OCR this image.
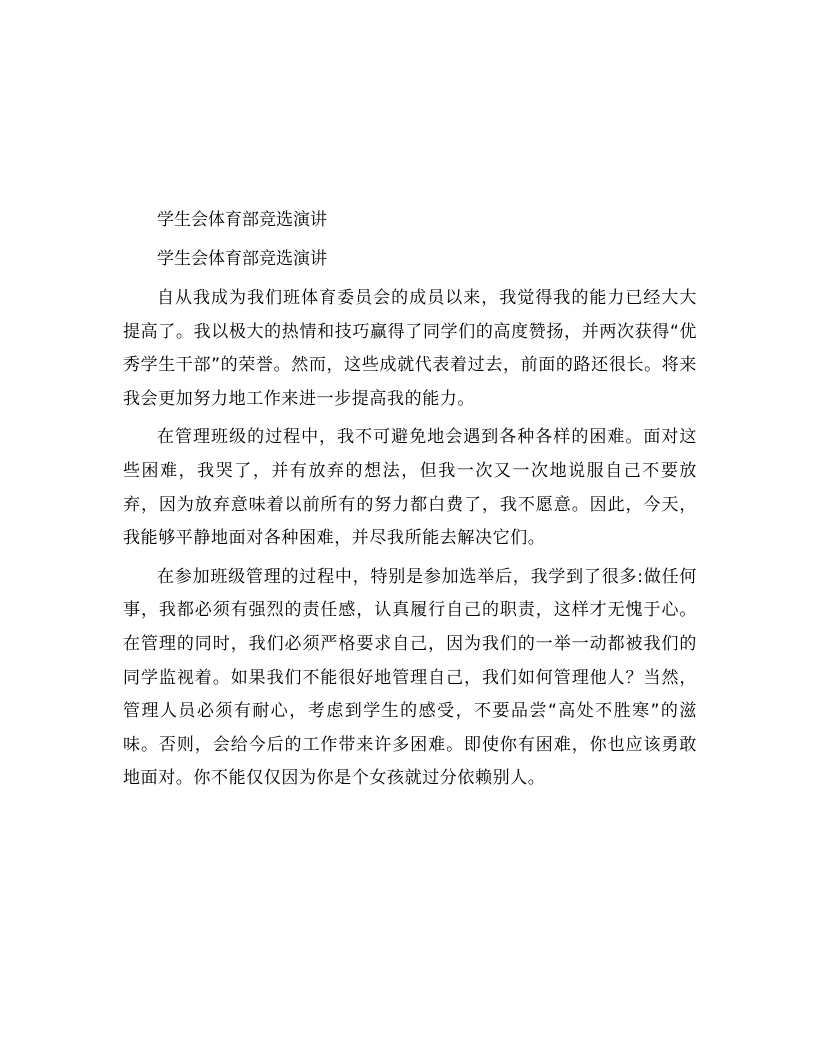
学生会体育部竞选演讲
学生会体育部竞选演讲

自从我成为我们班体育委员会的成员以来，我觉得我的能力已经大大提高了。我以极大的热情和技巧赢得了同学们的高度赞扬，并两次获得“优秀学生干部”的荣誉。然而，这些成就代表着过去，前面的路还很长。将来我会更加努力地工作来进一步提高我的能力。

在管理班级的过程中，我不可避免地会遇到各种各样的困难。面对这些困难，我哭了，并有放弃的想法，但我一次又一次地说服自己不要放弃，因为放弃意味着以前所有的努力都白费了，我不愿意。因此，今天，我能够平静地面对各种困难，并尽我所能去解决它们。

在参加班级管理的过程中，特别是参加选举后，我学到了很多:做任何事，我都必须有强烈的责任感，认真履行自己的职责，这样才无愧于心。在管理的同时，我们必须严格要求自己，因为我们的一举一动都被我们的同学监视着。如果我们不能很好地管理自己，我们如何管理他人？当然，管理人员必须有耐心，考虑到学生的感受，不要品尝“高处不胜寒”的滋味。否则，会给今后的工作带来许多困难。即使你有困难，你也应该勇敢地面对。你不能仅仅因为你是个女孩就过分依赖别人。
